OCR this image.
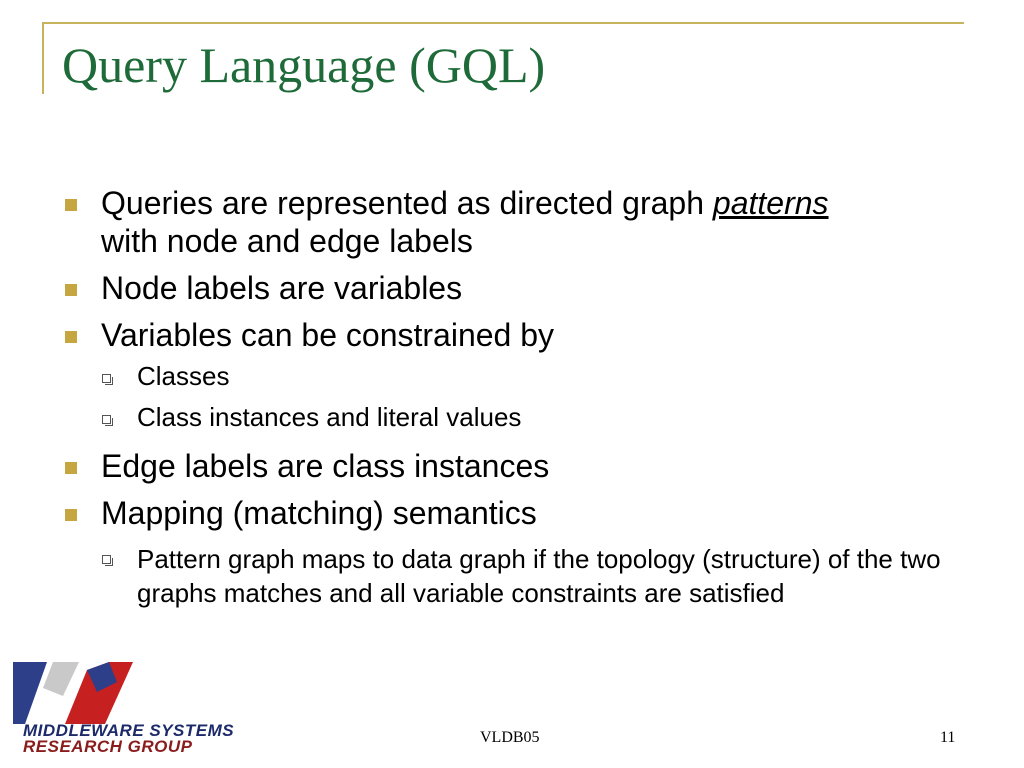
Query Language (GQL)
Queries are represented as directed graph patterns
with node and edge labels
Node labels are variables
Variables can be constrained by
Classes
Class instances and literal values
Edge labels are class instances
Mapping (matching) semantics
Pattern graph maps to data graph if the topology (structure) of the two graphs matches and all variable constraints are satisfied
MIDDLEWARE SYSTEMS
RESEARCH GROUP	VLDB05	11
